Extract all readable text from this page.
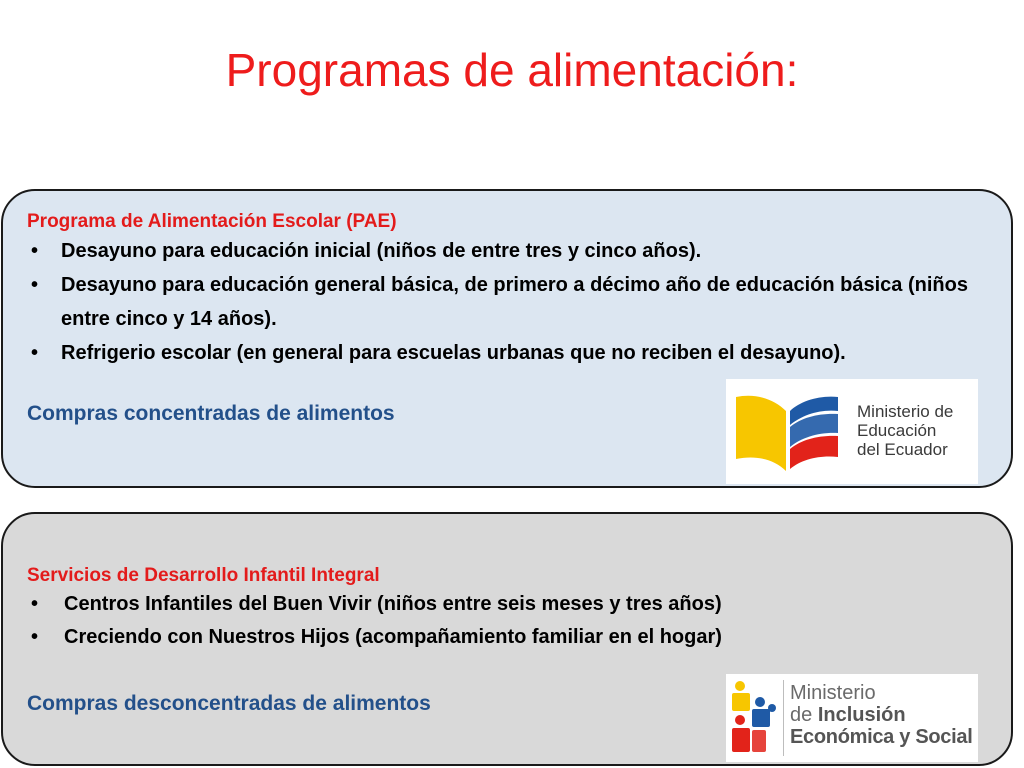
Programas de alimentación:
Programa de Alimentación Escolar (PAE)
• Desayuno para educación inicial (niños de entre tres y cinco años).
• Desayuno para educación general básica, de primero a décimo año de educación básica (niños entre cinco y 14 años).
• Refrigerio escolar (en general para escuelas urbanas que no reciben el desayuno).
Compras concentradas de alimentos	Ministerio de
Educación
del Ecuador
Servicios de Desarrollo Infantil Integral
• Centros Infantiles del Buen Vivir (niños entre seis meses y tres años)
• Creciendo con Nuestros Hijos (acompañamiento familiar en el hogar)
Compras desconcentradas de alimentos	Ministerio
de Inclusión
Económica y Social
